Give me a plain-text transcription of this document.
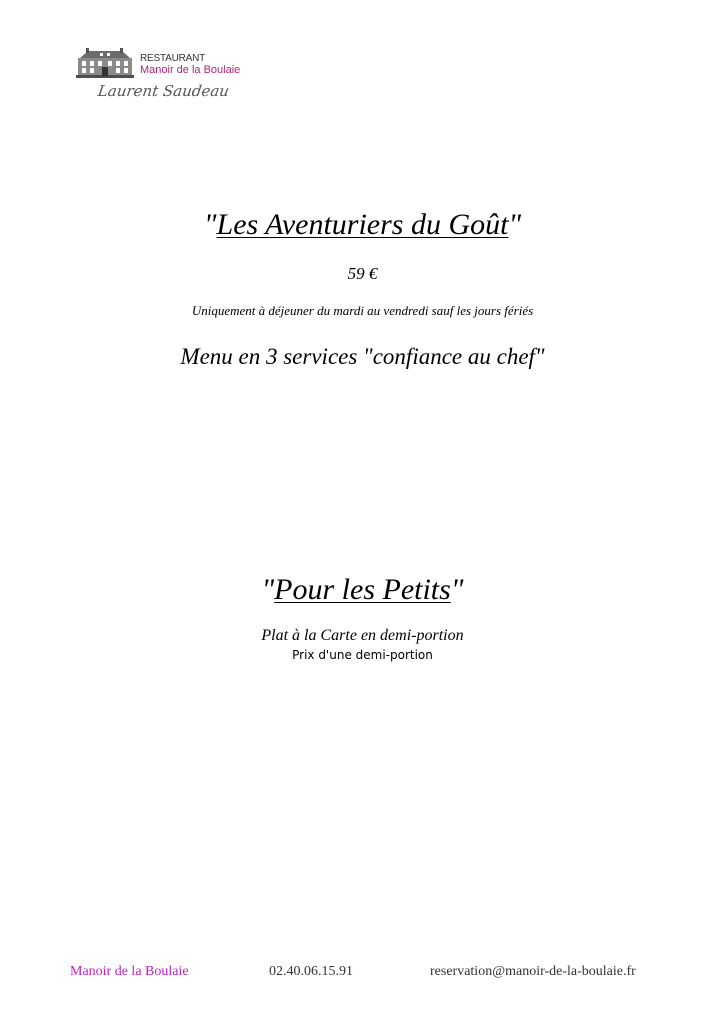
RESTAURANT
Manoir de la Boulaie
Laurent Saudeau
"Les Aventuriers du Goût"
59 €
Uniquement à déjeuner du mardi au vendredi sauf les jours fériés
Menu en 3 services "confiance au chef"
"Pour les Petits"
Plat à la Carte en demi-portion
Prix d'une demi-portion
Manoir de la Boulaie	02.40.06.15.91	reservation@manoir-de-la-boulaie.fr
